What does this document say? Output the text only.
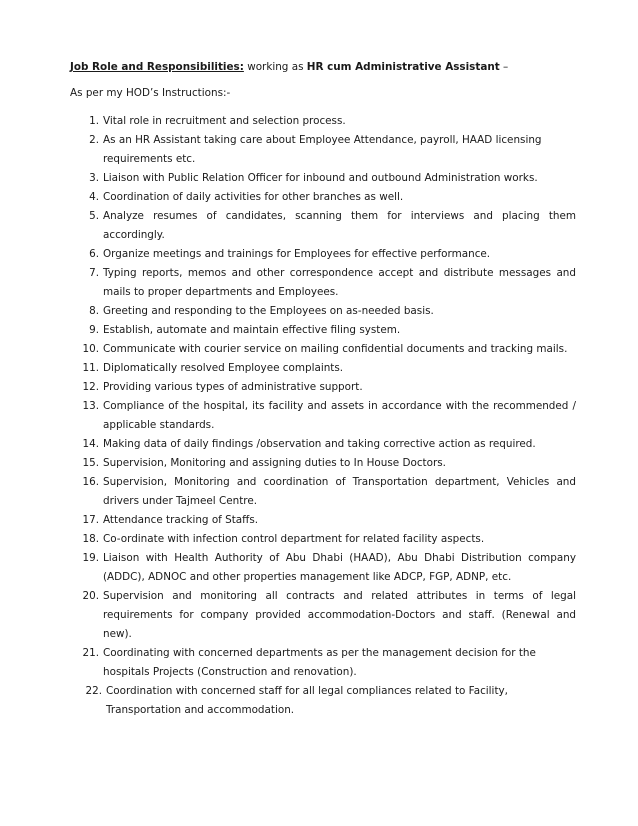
Job Role and Responsibilities: working as HR cum Administrative Assistant –
As per my HOD’s Instructions:-
1. Vital role in recruitment and selection process.
2. As an HR Assistant taking care about Employee Attendance, payroll, HAAD licensing requirements etc.
3. Liaison with Public Relation Officer for inbound and outbound Administration works.
4. Coordination of daily activities for other branches as well.
5. Analyze resumes of candidates, scanning them for interviews and placing them accordingly.
6. Organize meetings and trainings for Employees for effective performance.
7. Typing reports, memos and other correspondence accept and distribute messages and mails to proper departments and Employees.
8. Greeting and responding to the Employees on as-needed basis.
9. Establish, automate and maintain effective filing system.
10. Communicate with courier service on mailing confidential documents and tracking mails.
11. Diplomatically resolved Employee complaints.
12. Providing various types of administrative support.
13. Compliance of the hospital, its facility and assets in accordance with the recommended / applicable standards.
14. Making data of daily findings /observation and taking corrective action as required.
15. Supervision, Monitoring and assigning duties to In House Doctors.
16. Supervision, Monitoring and coordination of Transportation department, Vehicles and drivers under Tajmeel Centre.
17. Attendance tracking of Staffs.
18. Co-ordinate with infection control department for related facility aspects.
19. Liaison with Health Authority of Abu Dhabi (HAAD), Abu Dhabi Distribution company (ADDC), ADNOC and other properties management like ADCP, FGP, ADNP, etc.
20. Supervision and monitoring all contracts and related attributes in terms of legal requirements for company provided accommodation-Doctors and staff. (Renewal and new).
21. Coordinating with concerned departments as per the management decision for the hospitals Projects (Construction and renovation).
22. Coordination with concerned staff for all legal compliances related to Facility, Transportation and accommodation.
